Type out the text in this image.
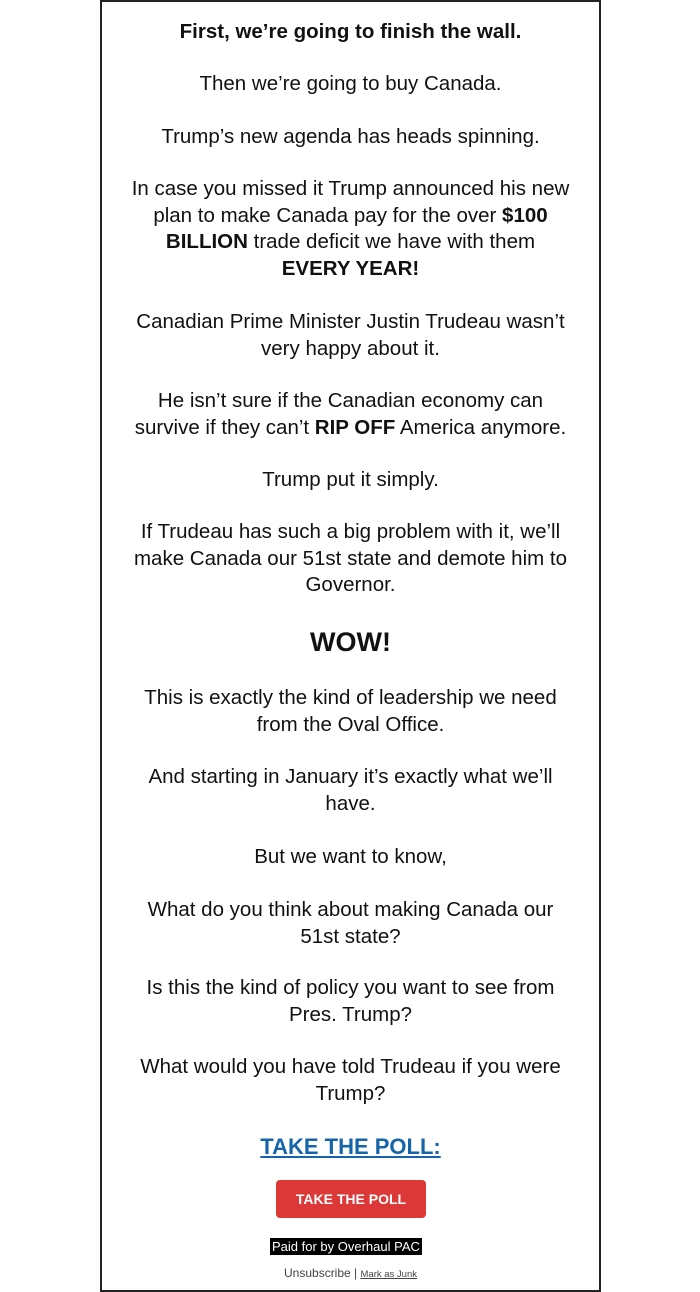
First, we’re going to finish the wall.

Then we’re going to buy Canada.

Trump’s new agenda has heads spinning.

In case you missed it Trump announced his new
plan to make Canada pay for the over $100
BILLION trade deficit we have with them
EVERY YEAR!

Canadian Prime Minister Justin Trudeau wasn’t
very happy about it.

He isn’t sure if the Canadian economy can
survive if they can’t RIP OFF America anymore.

Trump put it simply.

If Trudeau has such a big problem with it, we’ll
make Canada our 51st state and demote him to
Governor.

WOW!

This is exactly the kind of leadership we need
from the Oval Office.

And starting in January it’s exactly what we’ll
have.

But we want to know,

What do you think about making Canada our
51st state?

Is this the kind of policy you want to see from
Pres. Trump?

What would you have told Trudeau if you were
Trump?

TAKE THE POLL:

TAKE THE POLL
Paid for by Overhaul PAC
Unsubscribe | Mark as Junk
